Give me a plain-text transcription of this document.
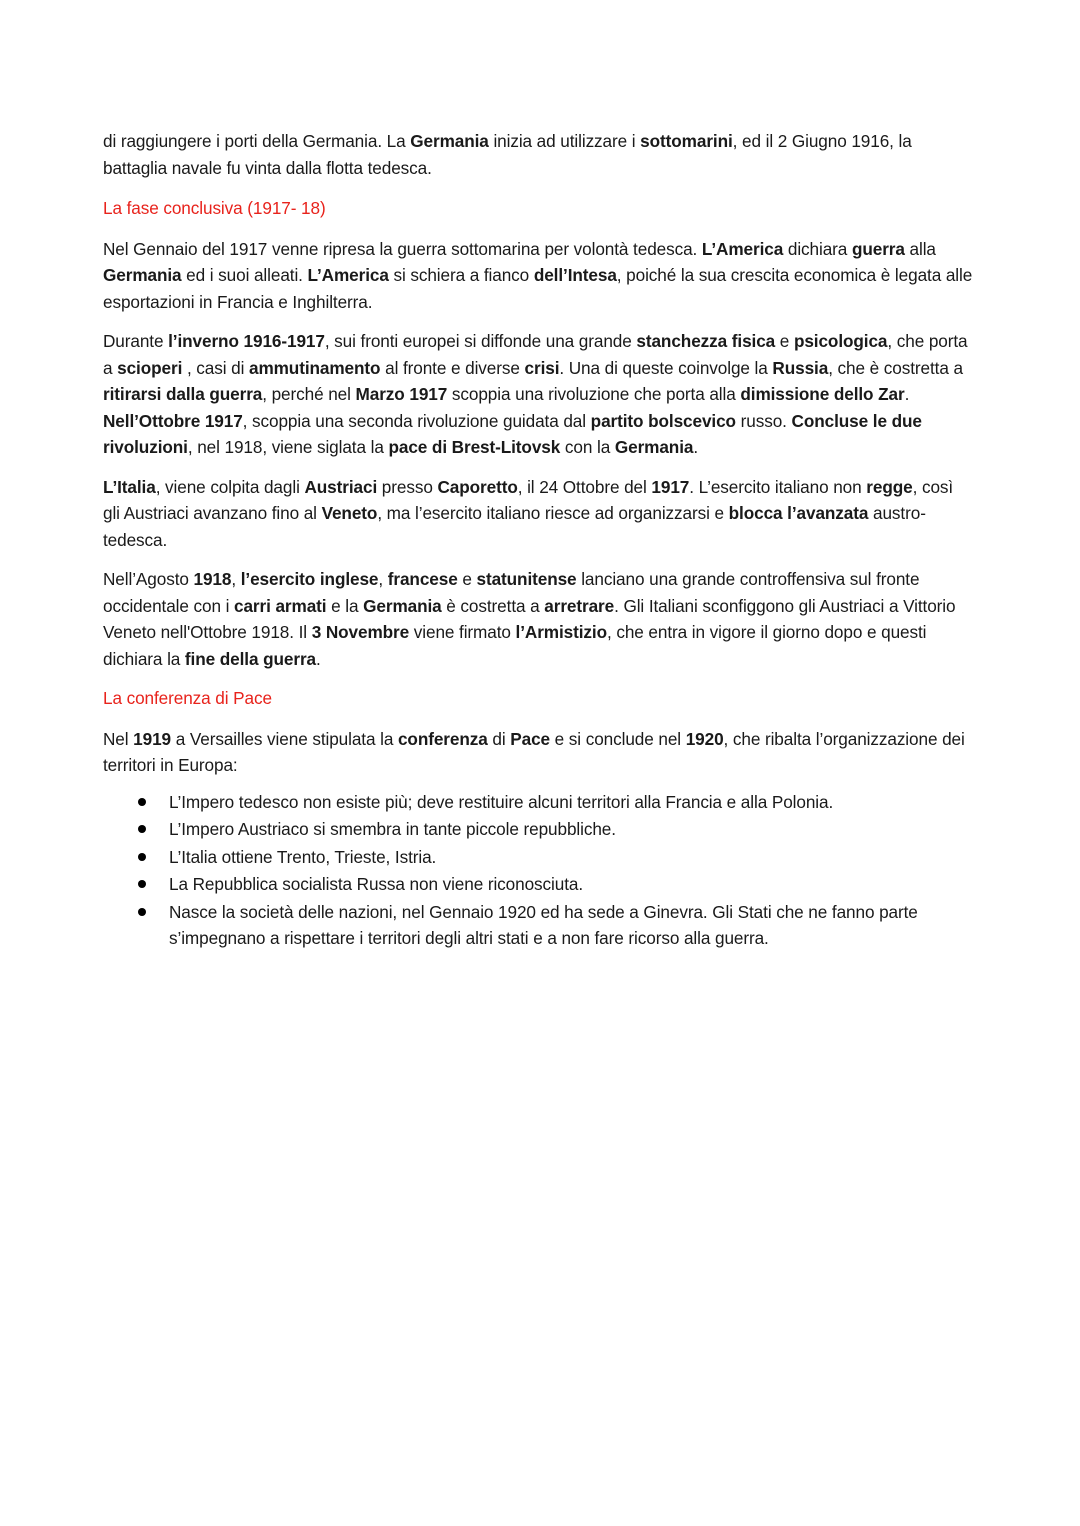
di raggiungere i porti della Germania. La Germania inizia ad utilizzare i sottomarini, ed il 2 Giugno 1916, la battaglia navale fu vinta dalla flotta tedesca.

La fase conclusiva (1917- 18)

Nel Gennaio del 1917 venne ripresa la guerra sottomarina per volontà tedesca. L’America dichiara guerra alla Germania ed i suoi alleati. L’America si schiera a fianco dell’Intesa, poiché la sua crescita economica è legata alle esportazioni in Francia e Inghilterra.

Durante l’inverno 1916-1917, sui fronti europei si diffonde una grande stanchezza fisica e psicologica, che porta a scioperi , casi di ammutinamento al fronte e diverse crisi. Una di queste coinvolge la Russia, che è costretta a ritirarsi dalla guerra, perché nel Marzo 1917 scoppia una rivoluzione che porta alla dimissione dello Zar. Nell’Ottobre 1917, scoppia una seconda rivoluzione guidata dal partito bolscevico russo. Concluse le due rivoluzioni, nel 1918, viene siglata la pace di Brest-Litovsk con la Germania.

L’Italia, viene colpita dagli Austriaci presso Caporetto, il 24 Ottobre del 1917. L’esercito italiano non regge, così gli Austriaci avanzano fino al Veneto, ma l’esercito italiano riesce ad organizzarsi e blocca l’avanzata austro-tedesca.

Nell’Agosto 1918, l’esercito inglese, francese e statunitense lanciano una grande controffensiva sul fronte occidentale con i carri armati e la Germania è costretta a arretrare. Gli Italiani sconfiggono gli Austriaci a Vittorio Veneto nell'Ottobre 1918. Il 3 Novembre viene firmato l’Armistizio, che entra in vigore il giorno dopo e questi dichiara la fine della guerra.

La conferenza di Pace

Nel 1919 a Versailles viene stipulata la conferenza di Pace e si conclude nel 1920, che ribalta l’organizzazione dei territori in Europa:

L’Impero tedesco non esiste più; deve restituire alcuni territori alla Francia e alla Polonia.
L’Impero Austriaco si smembra in tante piccole repubbliche.
L’Italia ottiene Trento, Trieste, Istria.
La Repubblica socialista Russa non viene riconosciuta.
Nasce la società delle nazioni, nel Gennaio 1920 ed ha sede a Ginevra. Gli Stati che ne fanno parte s’impegnano a rispettare i territori degli altri stati e a non fare ricorso alla guerra.
